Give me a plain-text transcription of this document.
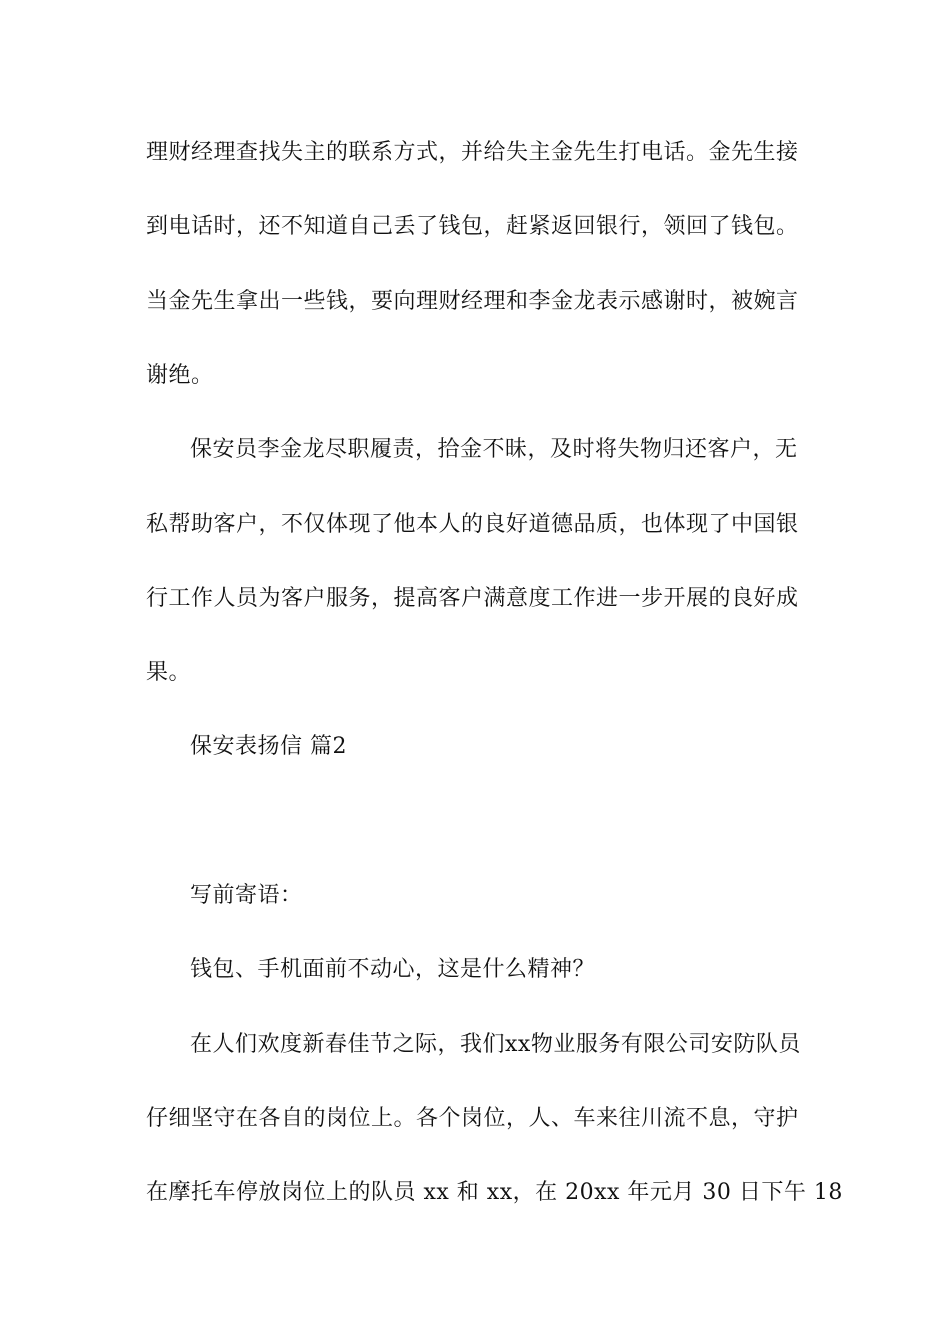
理财经理查找失主的联系方式，并给失主金先生打电话。金先生接
到电话时，还不知道自己丢了钱包，赶紧返回银行，领回了钱包。
当金先生拿出一些钱，要向理财经理和李金龙表示感谢时，被婉言
谢绝。
保安员李金龙尽职履责，拾金不昧，及时将失物归还客户，无
私帮助客户，不仅体现了他本人的良好道德品质，也体现了中国银
行工作人员为客户服务，提高客户满意度工作进一步开展的良好成
果。
保安表扬信 篇2
写前寄语：
钱包、手机面前不动心，这是什么精神？
在人们欢度新春佳节之际，我们xx物业服务有限公司安防队员
仔细坚守在各自的岗位上。各个岗位，人、车来往川流不息，守护
在摩托车停放岗位上的队员 xx 和 xx，在 20xx 年元月 30 日下午 18
